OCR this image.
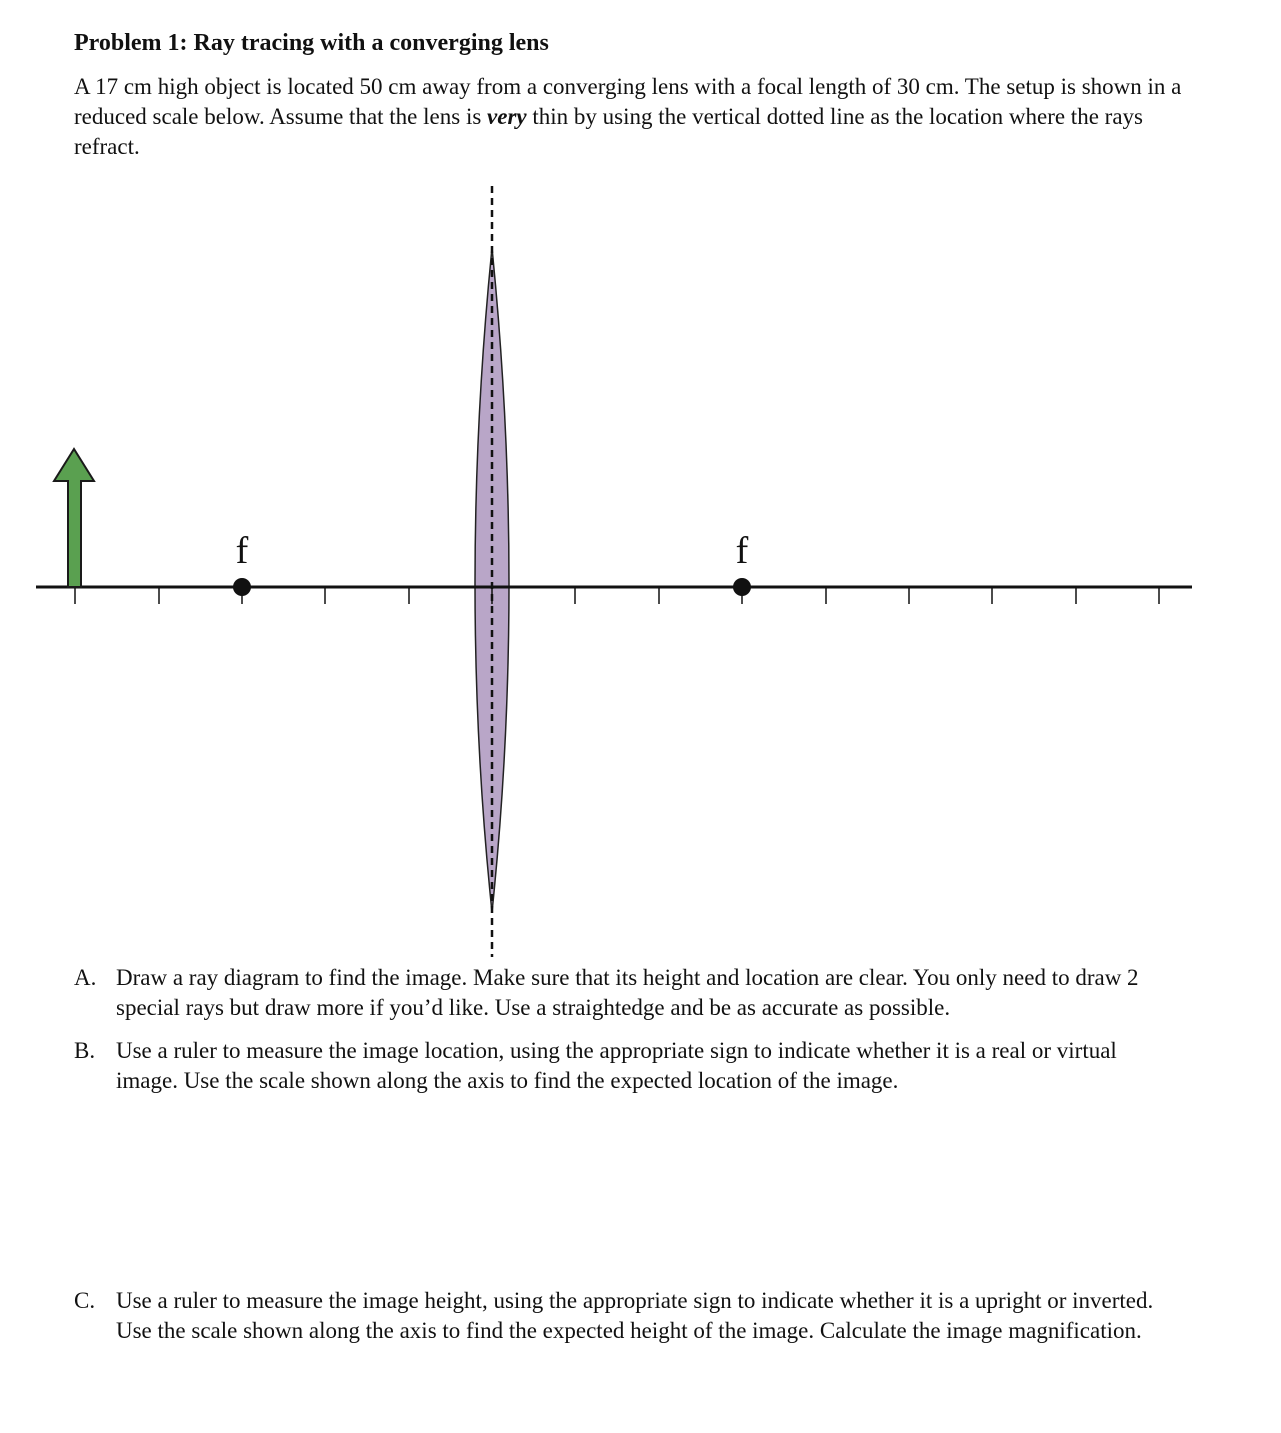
Problem 1: Ray tracing with a converging lens

A 17 cm high object is located 50 cm away from a converging lens with a focal length of 30 cm. The setup is shown in a reduced scale below. Assume that the lens is very thin by using the vertical dotted line as the location where the rays refract.

f	f
A. Draw a ray diagram to find the image. Make sure that its height and location are clear. You only need to draw 2 special rays but draw more if you’d like. Use a straightedge and be as accurate as possible.
B. Use a ruler to measure the image location, using the appropriate sign to indicate whether it is a real or virtual image. Use the scale shown along the axis to find the expected location of the image.
C. Use a ruler to measure the image height, using the appropriate sign to indicate whether it is a upright or inverted. Use the scale shown along the axis to find the expected height of the image. Calculate the image magnification.
